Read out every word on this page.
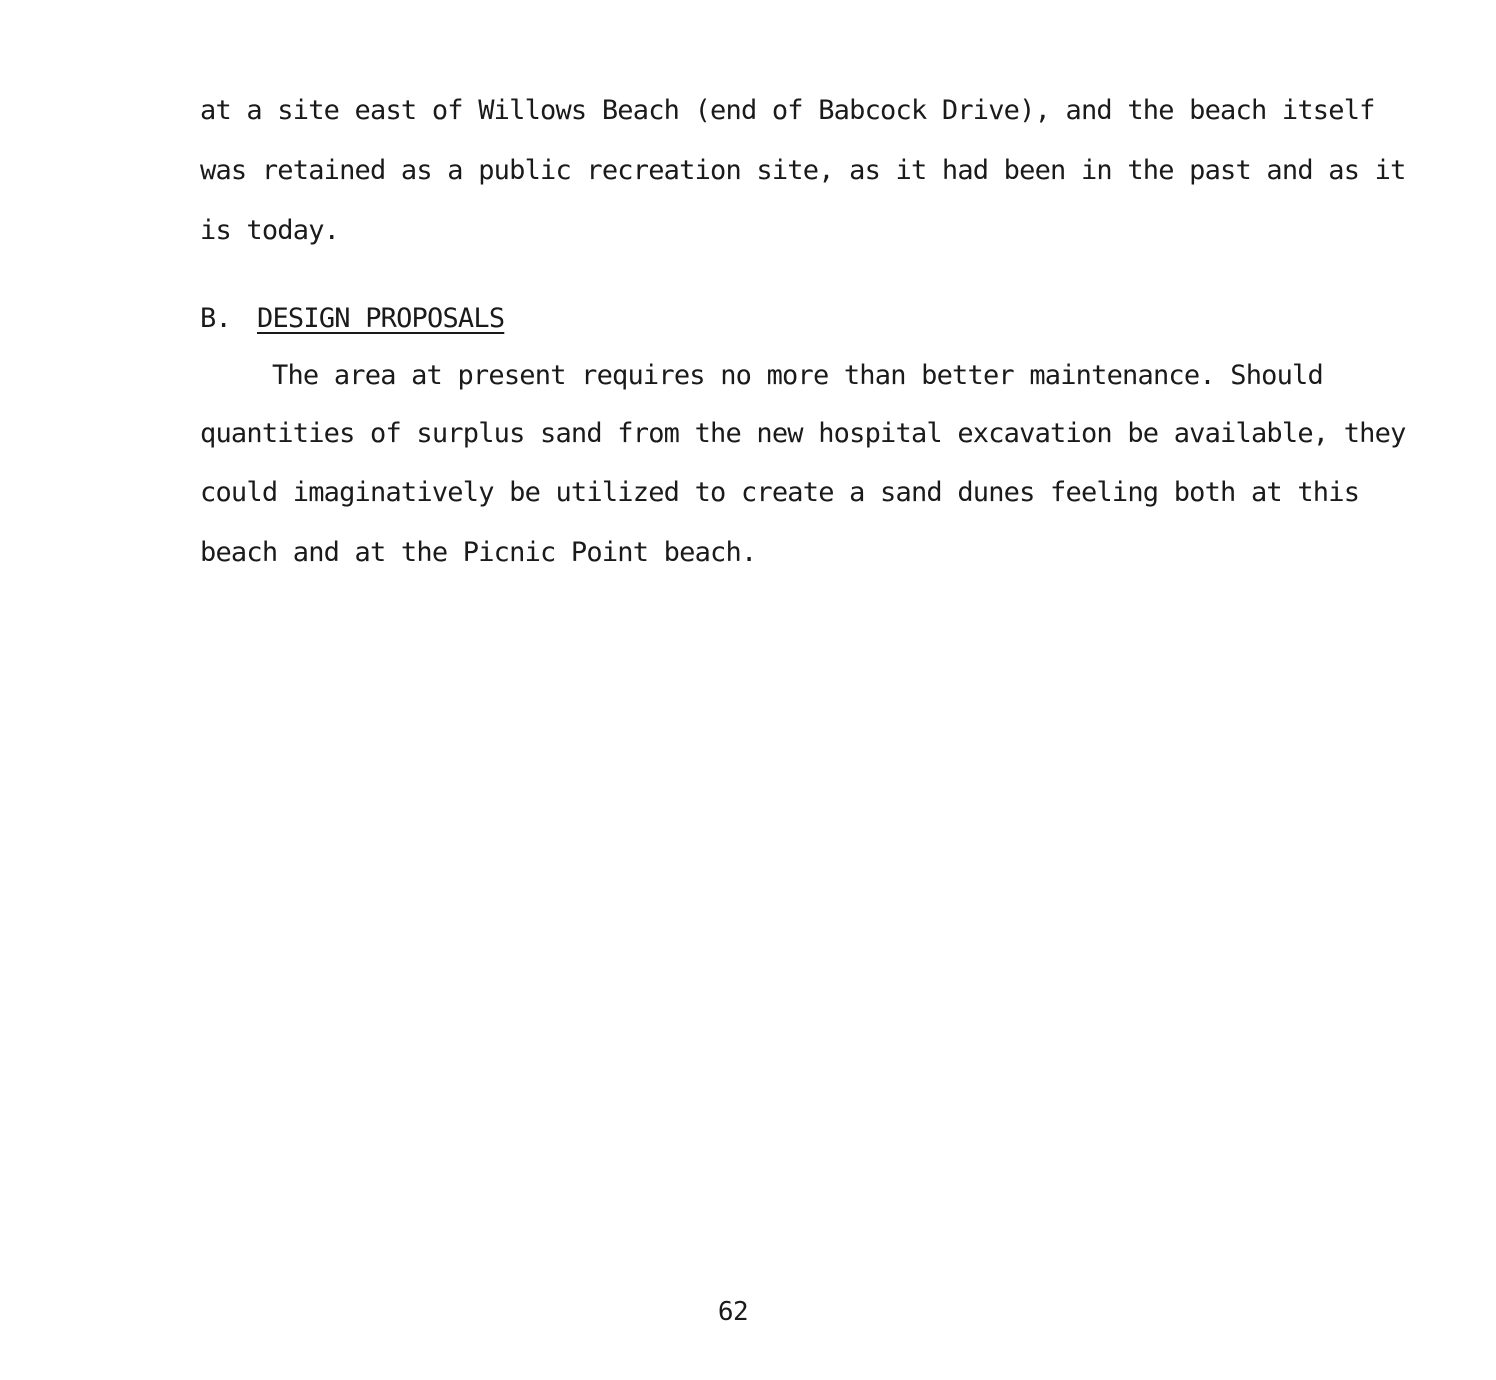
at a site east of Willows Beach (end of Babcock Drive), and the beach itself
was retained as a public recreation site, as it had been in the past and as it
is today.
B. DESIGN PROPOSALS
The area at present requires no more than better maintenance. Should
quantities of surplus sand from the new hospital excavation be available, they
could imaginatively be utilized to create a sand dunes feeling both at this
beach and at the Picnic Point beach.
62
